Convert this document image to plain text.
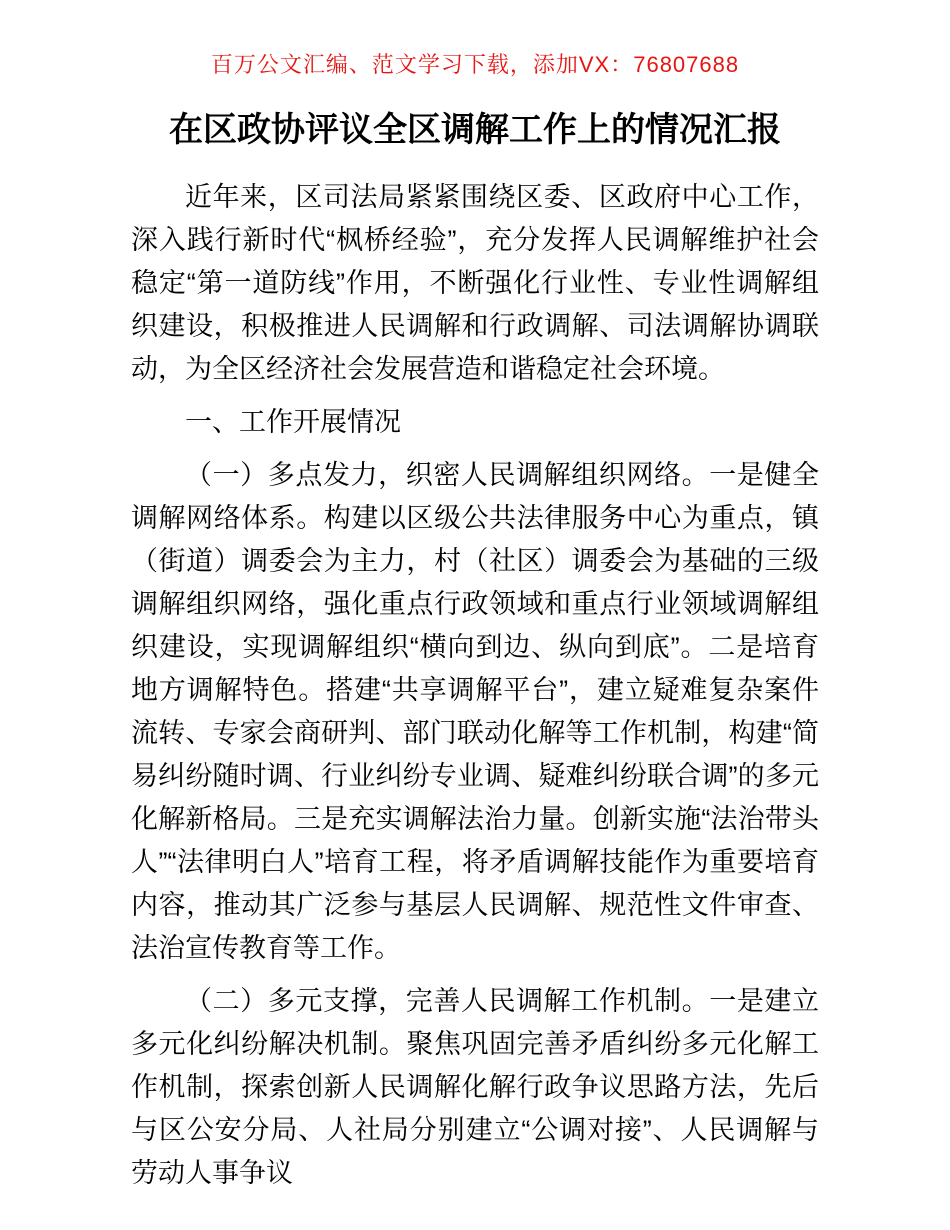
百万公文汇编、范文学习下载，添加VX：76807688
在区政协评议全区调解工作上的情况汇报

近年来，区司法局紧紧围绕区委、区政府中心工作，深入践行新时代“枫桥经验”，充分发挥人民调解维护社会稳定“第一道防线”作用，不断强化行业性、专业性调解组织建设，积极推进人民调解和行政调解、司法调解协调联动，为全区经济社会发展营造和谐稳定社会环境。

一、工作开展情况

（一）多点发力，织密人民调解组织网络。一是健全调解网络体系。构建以区级公共法律服务中心为重点，镇（街道）调委会为主力，村（社区）调委会为基础的三级调解组织网络，强化重点行政领域和重点行业领域调解组织建设，实现调解组织“横向到边、纵向到底”。二是培育地方调解特色。搭建“共享调解平台”，建立疑难复杂案件流转、专家会商研判、部门联动化解等工作机制，构建“简易纠纷随时调、行业纠纷专业调、疑难纠纷联合调”的多元化解新格局。三是充实调解法治力量。创新实施“法治带头人”“法律明白人”培育工程，将矛盾调解技能作为重要培育内容，推动其广泛参与基层人民调解、规范性文件审查、法治宣传教育等工作。

（二）多元支撑，完善人民调解工作机制。一是建立多元化纠纷解决机制。聚焦巩固完善矛盾纠纷多元化解工作机制，探索创新人民调解化解行政争议思路方法，先后与区公安分局、人社局分别建立“公调对接”、人民调解与劳动人事争议
